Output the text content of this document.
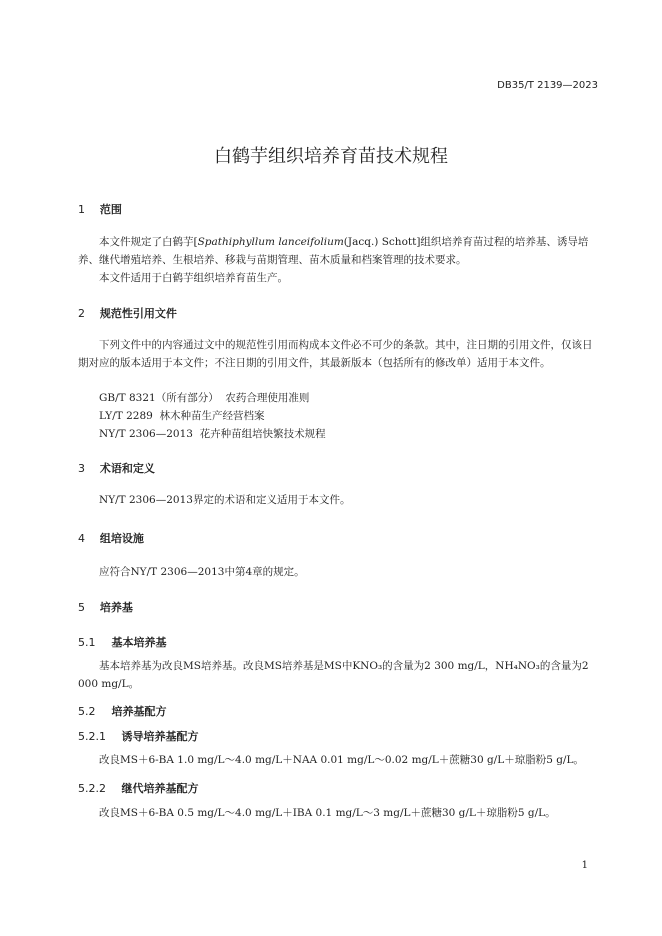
DB35/T 2139—2023
白鹤芋组织培养育苗技术规程
1 范围
本文件规定了白鹤芋[Spathiphyllum lanceifolium(Jacq.) Schott]组织培养育苗过程的培养基、诱导培养、继代增殖培养、生根培养、移栽与苗期管理、苗木质量和档案管理的技术要求。
本文件适用于白鹤芋组织培养育苗生产。
2 规范性引用文件
下列文件中的内容通过文中的规范性引用而构成本文件必不可少的条款。其中，注日期的引用文件，仅该日期对应的版本适用于本文件；不注日期的引用文件，其最新版本（包括所有的修改单）适用于本文件。
GB/T 8321（所有部分）  农药合理使用准则
LY/T 2289  林木种苗生产经营档案
NY/T 2306—2013  花卉种苗组培快繁技术规程
3 术语和定义
NY/T 2306—2013界定的术语和定义适用于本文件。
4 组培设施
应符合NY/T 2306—2013中第4章的规定。
5 培养基
5.1 基本培养基
基本培养基为改良MS培养基。改良MS培养基是MS中KNO₃的含量为2 300 mg/L，NH₄NO₃的含量为2 000 mg/L。
5.2 培养基配方
5.2.1 诱导培养基配方
改良MS＋6-BA 1.0 mg/L～4.0 mg/L＋NAA 0.01 mg/L～0.02 mg/L＋蔗糖30 g/L＋琼脂粉5 g/L。
5.2.2 继代培养基配方
改良MS＋6-BA 0.5 mg/L～4.0 mg/L＋IBA 0.1 mg/L～3 mg/L＋蔗糖30 g/L＋琼脂粉5 g/L。
1
